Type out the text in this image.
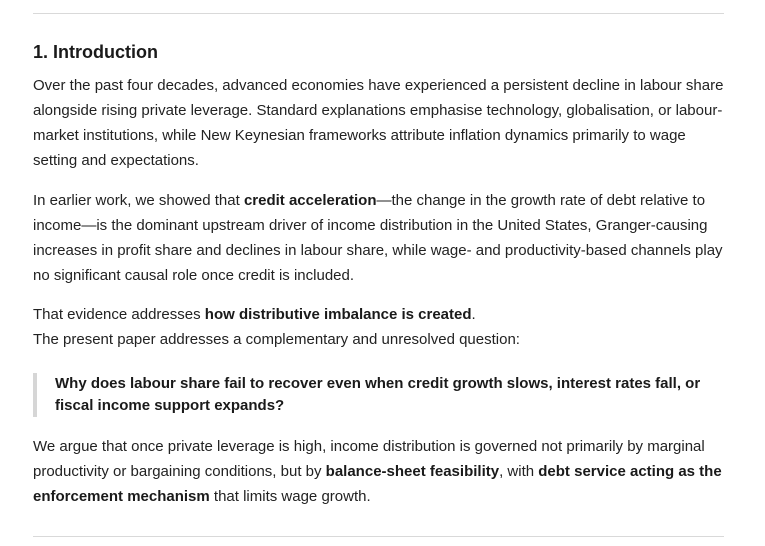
1. Introduction

Over the past four decades, advanced economies have experienced a persistent decline in labour share alongside rising private leverage. Standard explanations emphasise technology, globalisation, or labour-market institutions, while New Keynesian frameworks attribute inflation dynamics primarily to wage setting and expectations.

In earlier work, we showed that credit acceleration—the change in the growth rate of debt relative to income—is the dominant upstream driver of income distribution in the United States, Granger-causing increases in profit share and declines in labour share, while wage- and productivity-based channels play no significant causal role once credit is included.

That evidence addresses how distributive imbalance is created.
The present paper addresses a complementary and unresolved question:

Why does labour share fail to recover even when credit growth slows, interest rates fall, or fiscal income support expands?

We argue that once private leverage is high, income distribution is governed not primarily by marginal productivity or bargaining conditions, but by balance-sheet feasibility, with debt service acting as the enforcement mechanism that limits wage growth.
